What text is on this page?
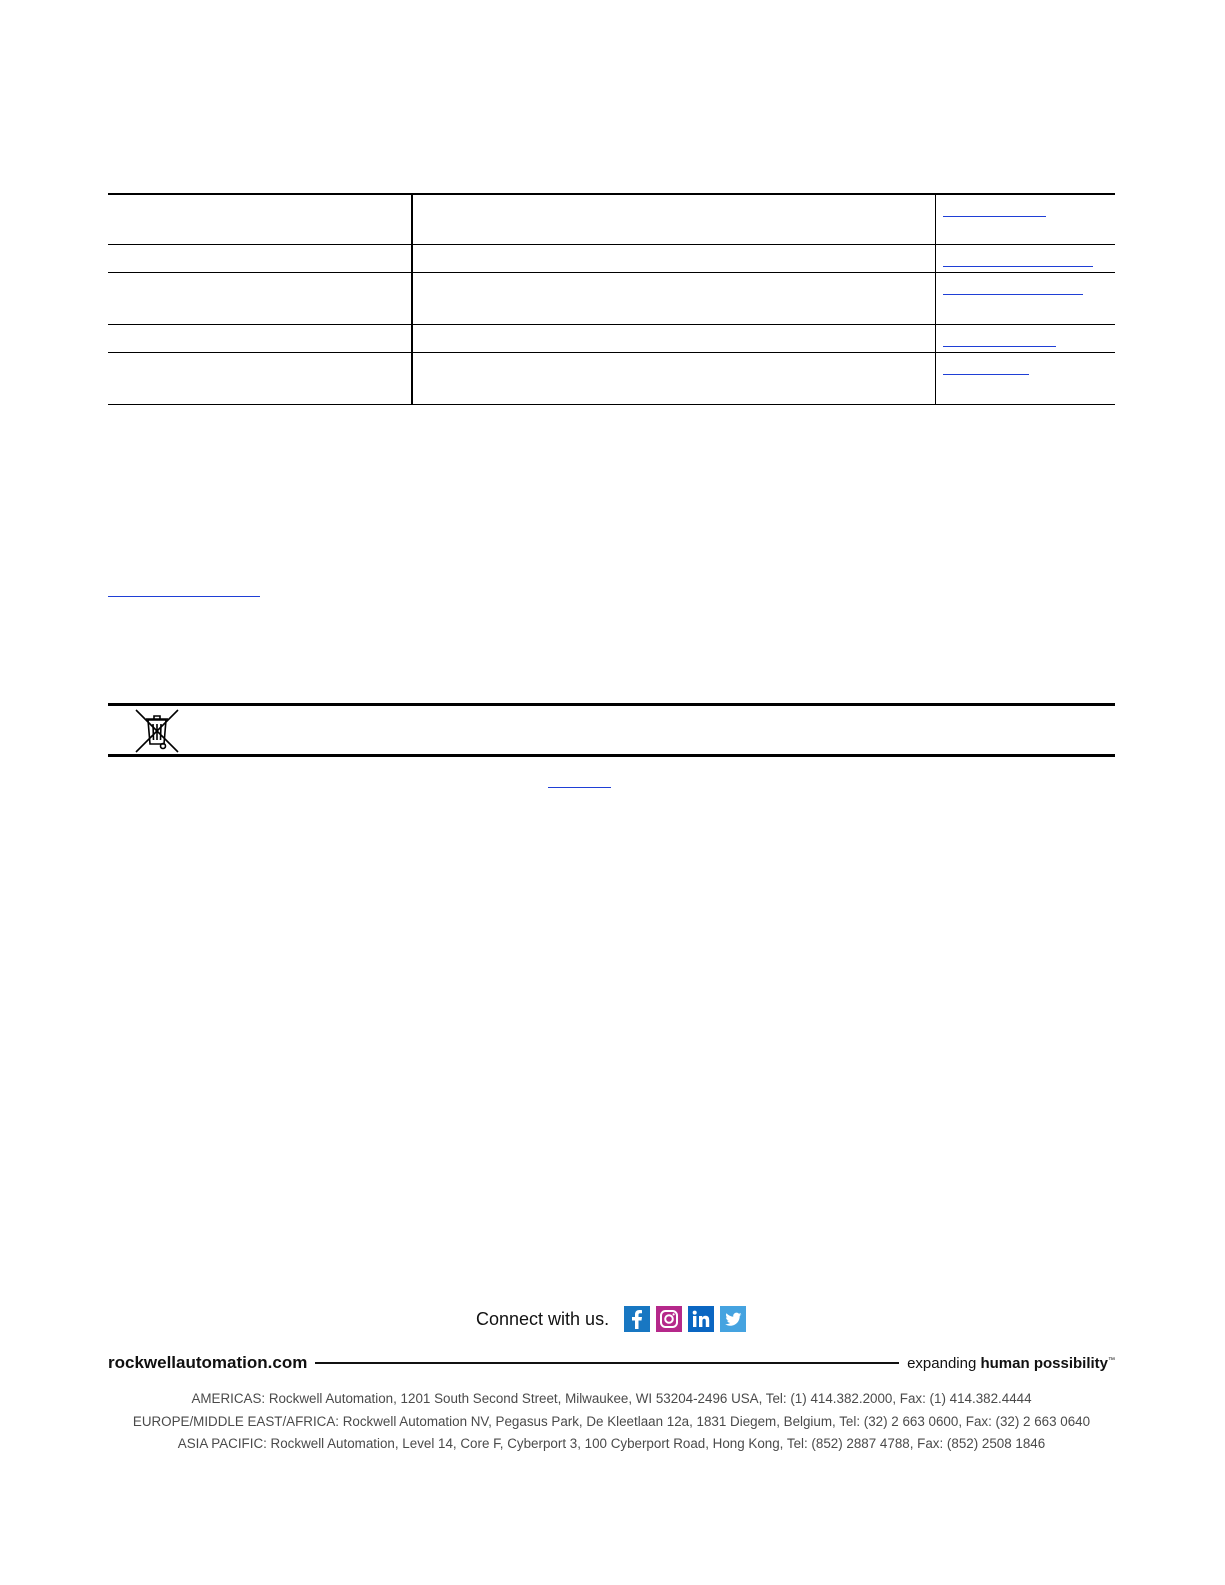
Connect with us.
rockwellautomation.com	expanding human possibility™
AMERICAS: Rockwell Automation, 1201 South Second Street, Milwaukee, WI 53204-2496 USA, Tel: (1) 414.382.2000, Fax: (1) 414.382.4444
EUROPE/MIDDLE EAST/AFRICA: Rockwell Automation NV, Pegasus Park, De Kleetlaan 12a, 1831 Diegem, Belgium, Tel: (32) 2 663 0600, Fax: (32) 2 663 0640
ASIA PACIFIC: Rockwell Automation, Level 14, Core F, Cyberport 3, 100 Cyberport Road, Hong Kong, Tel: (852) 2887 4788, Fax: (852) 2508 1846
